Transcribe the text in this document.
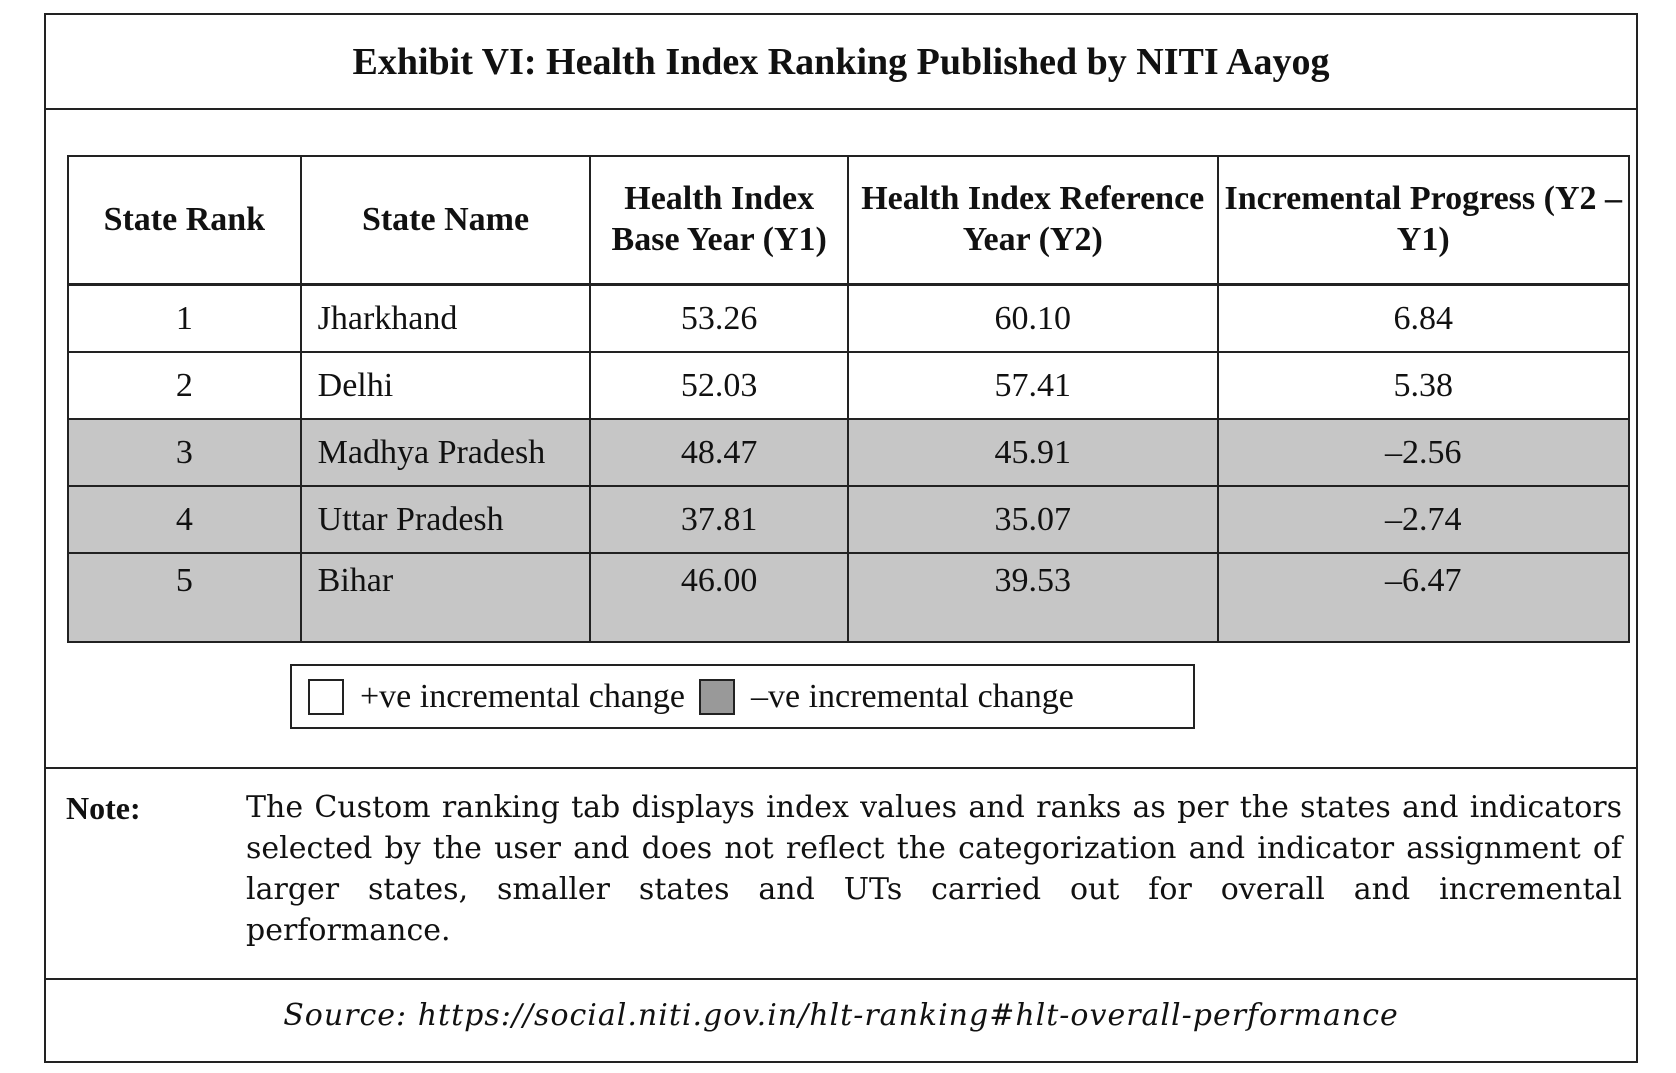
Exhibit VI: Health Index Ranking Published by NITI Aayog
State Rank	State Name	Health Index Base Year (Y1)	Health Index Reference Year (Y2)	Incremental Progress (Y2 – Y1)
1	Jharkhand	53.26	60.10	6.84
2	Delhi	52.03	57.41	5.38
3	Madhya Pradesh	48.47	45.91	–2.56
4	Uttar Pradesh	37.81	35.07	–2.74
5	Bihar	46.00	39.53	–6.47
+ve incremental change –ve incremental change
Note:	The Custom ranking tab displays index values and ranks as per the states and indicators selected by the user and does not reflect the categorization and indicator assignment of larger states, smaller states and UTs carried out for overall and incremental performance.
Source: https://social.niti.gov.in/hlt-ranking#hlt-overall-performance
